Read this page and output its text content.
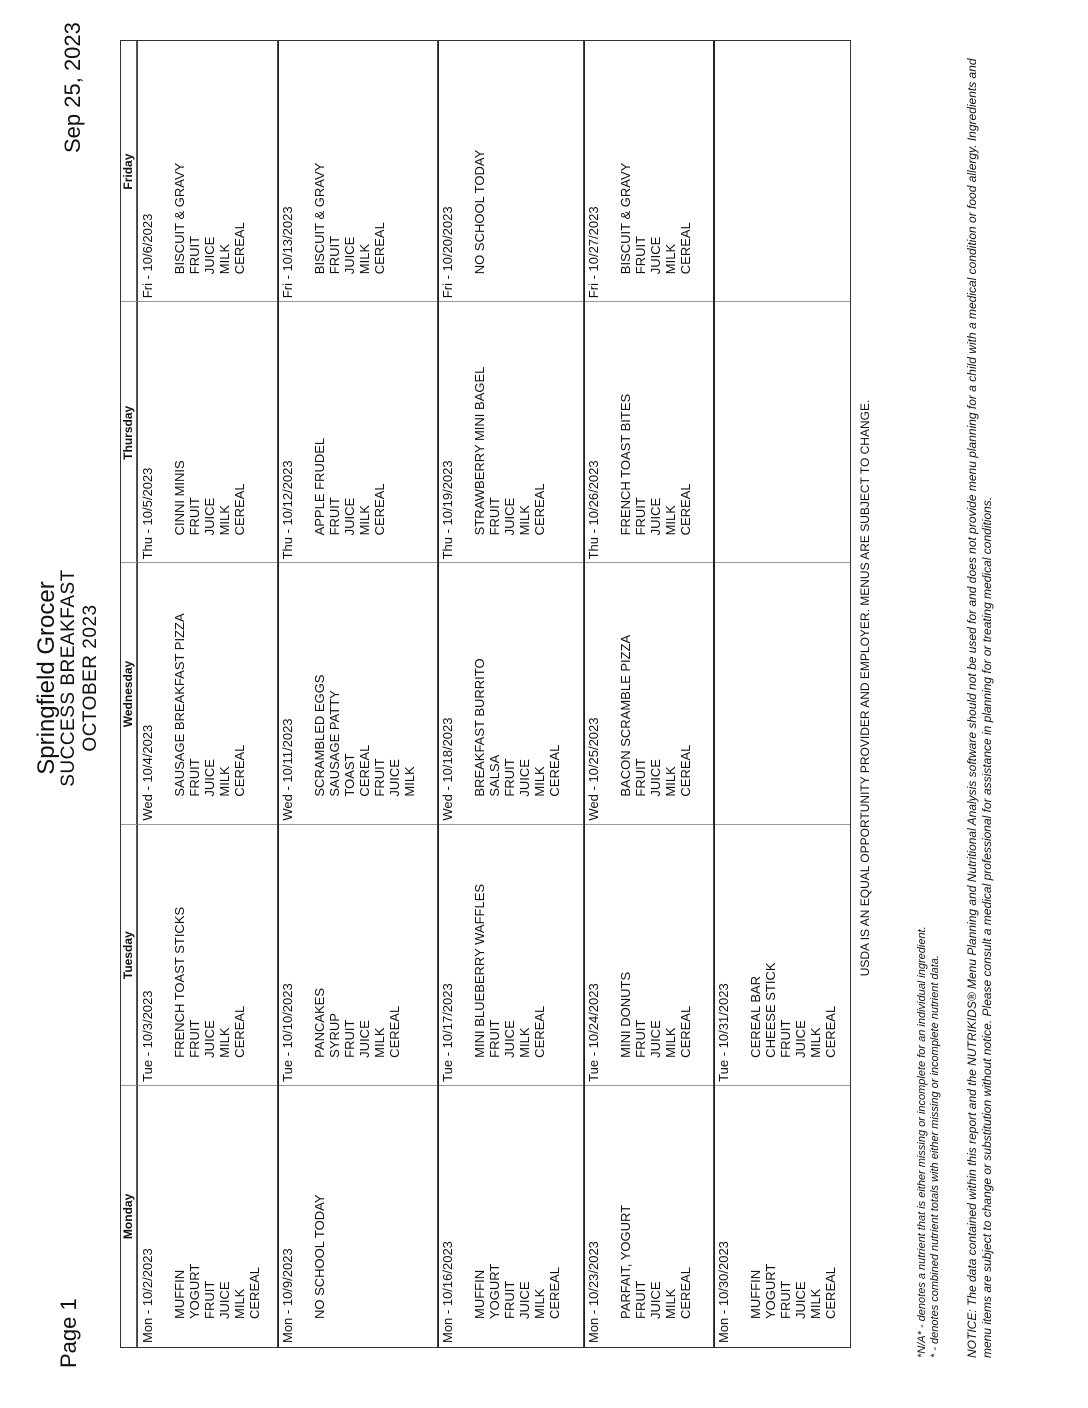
Page 1
Springfield Grocer
SUCCESS BREAKFAST OCTOBER 2023
Sep 25, 2023
Monday
Tuesday
Wednesday
Thursday
Friday
Mon - 10/2/2023 MUFFIN
YOGURT
FRUIT
JUICE
MILK
CEREAL
Tue - 10/3/2023 FRENCH TOAST STICKS
FRUIT
JUICE
MILK
CEREAL
Wed - 10/4/2023 SAUSAGE BREAKFAST PIZZA
FRUIT
JUICE
MILK
CEREAL
Thu - 10/5/2023 CINNI MINIS
FRUIT
JUICE
MILK
CEREAL
Fri - 10/6/2023 BISCUIT & GRAVY
FRUIT
JUICE
MILK
CEREAL
Mon - 10/9/2023 NO SCHOOL TODAY
Tue - 10/10/2023 PANCAKES
SYRUP
FRUIT
JUICE
MILK
CEREAL
Wed - 10/11/2023 SCRAMBLED EGGS
SAUSAGE PATTY
TOAST
CEREAL
FRUIT
JUICE
MILK
Thu - 10/12/2023 APPLE FRUDEL
FRUIT
JUICE
MILK
CEREAL
Fri - 10/13/2023 BISCUIT & GRAVY
FRUIT
JUICE
MILK
CEREAL
Mon - 10/16/2023 MUFFIN
YOGURT
FRUIT
JUICE
MILK
CEREAL
Tue - 10/17/2023 MINI BLUEBERRY WAFFLES
FRUIT
JUICE
MILK
CEREAL
Wed - 10/18/2023 BREAKFAST BURRITO
SALSA
FRUIT
JUICE
MILK
CEREAL
Thu - 10/19/2023 STRAWBERRY MINI BAGEL
FRUIT
JUICE
MILK
CEREAL
Fri - 10/20/2023 NO SCHOOL TODAY
Mon - 10/23/2023 PARFAIT, YOGURT
FRUIT
JUICE
MILK
CEREAL
Tue - 10/24/2023 MINI DONUTS
FRUIT
JUICE
MILK
CEREAL
Wed - 10/25/2023 BACON SCRAMBLE PIZZA
FRUIT
JUICE
MILK
CEREAL
Thu - 10/26/2023 FRENCH TOAST BITES
FRUIT
JUICE
MILK
CEREAL
Fri - 10/27/2023 BISCUIT & GRAVY
FRUIT
JUICE
MILK
CEREAL
Mon - 10/30/2023 MUFFIN
YOGURT
FRUIT
JUICE
MILK
CEREAL
Tue - 10/31/2023 CEREAL BAR
CHEESE STICK
FRUIT
JUICE
MILK
CEREAL
USDA IS AN EQUAL OPPORTUNITY PROVIDER AND EMPLOYER. MENUS ARE SUBJECT TO CHANGE.
*N/A* - denotes a nutrient that is either missing or incomplete for an individual ingredient. * - denotes combined nutrient totals with either missing or incomplete nutrient data. NOTICE: The data contained within this report and the NUTRIKIDS® Menu Planning and Nutritional Analysis software should not be used for and does not provide menu planning for a child with a medical condition or food allergy. Ingredients and menu items are subject to change or substitution without notice. Please consult a medical professional for assistance in planning for or treating medical conditions.
